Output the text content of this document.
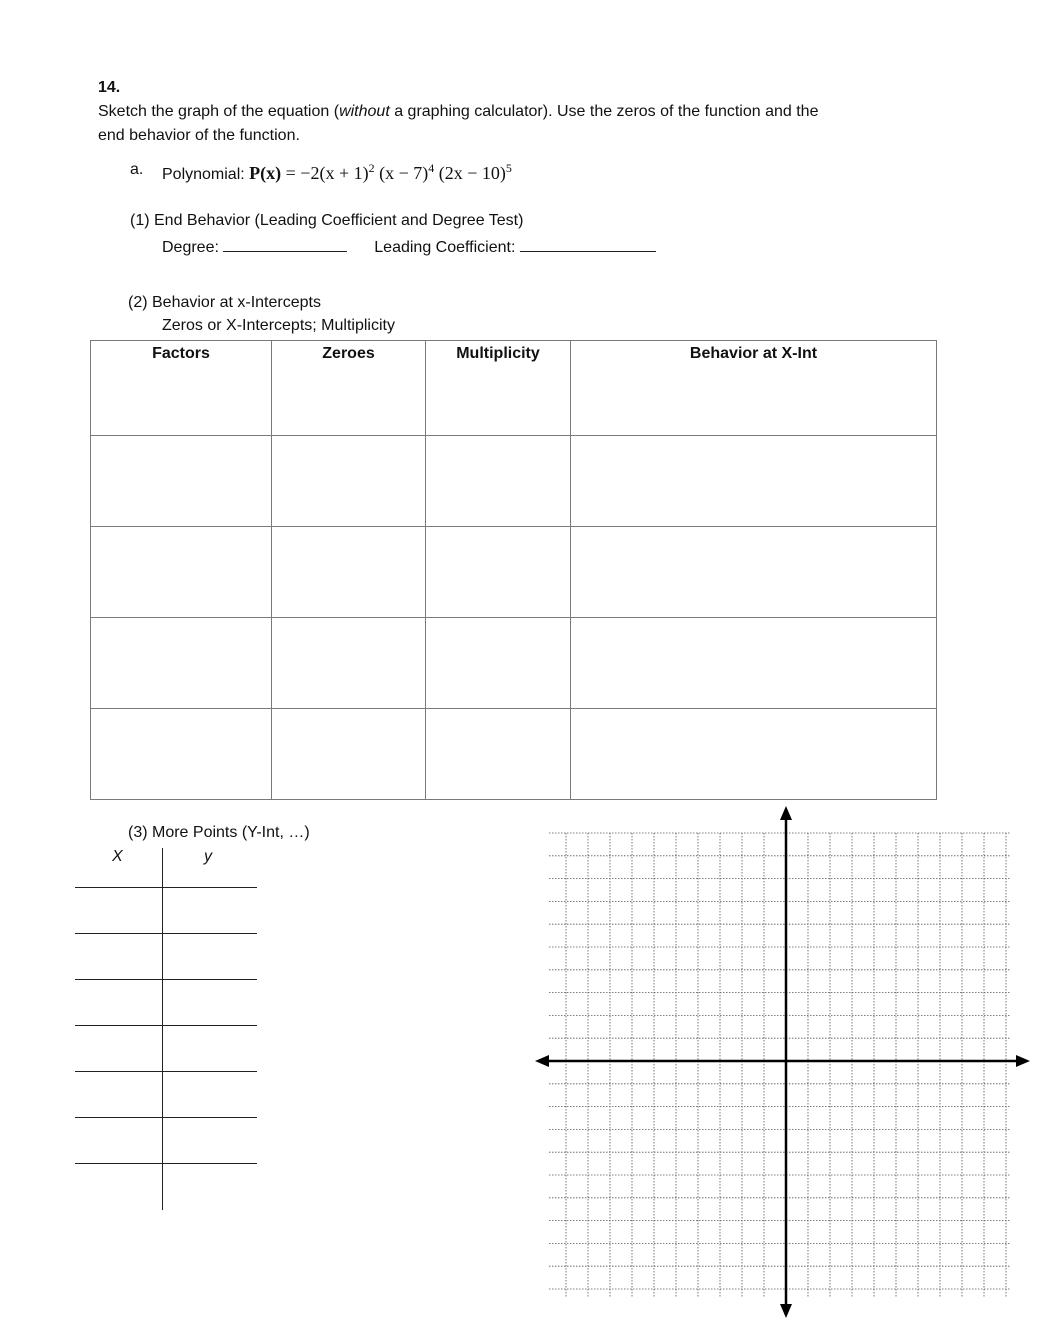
14.
Sketch the graph of the equation (without a graphing calculator). Use the zeros of the function and the
end behavior of the function.
a. Polynomial: $P(x) = -2(x + 1)^2$ $(x - 7)^4$ $(2x - 10)^5$
(1) End Behavior (Leading Coefficient and Degree Test)
Degree:	Leading Coefficient:
(2) Behavior at x-Intercepts
Zeros or X-Intercepts; Multiplicity
Factors	Zeroes	Multiplicity	Behavior at X-Int

(3) More Points (Y-Int, …)
X	y
